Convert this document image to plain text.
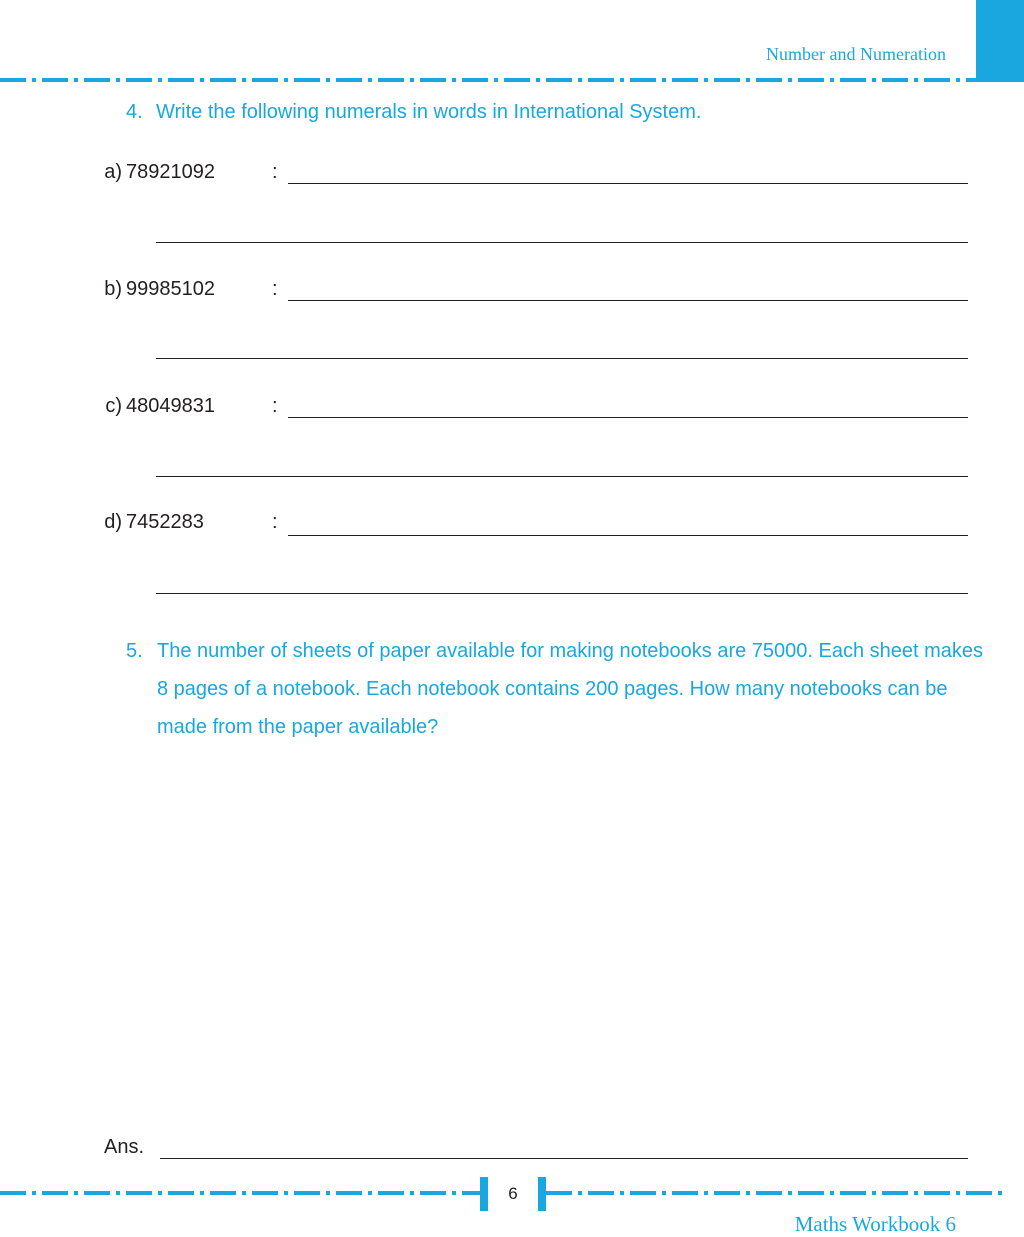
Number and Numeration
4. Write the following numerals in words in International System.
a) 78921092	:
b) 99985102	:
c) 48049831	:
d) 7452283	:
5. The number of sheets of paper available for making notebooks are 75000. Each sheet makes 8 pages of a notebook. Each notebook contains 200 pages. How many notebooks can be made from the paper available?
Ans.
6
Maths Workbook 6
